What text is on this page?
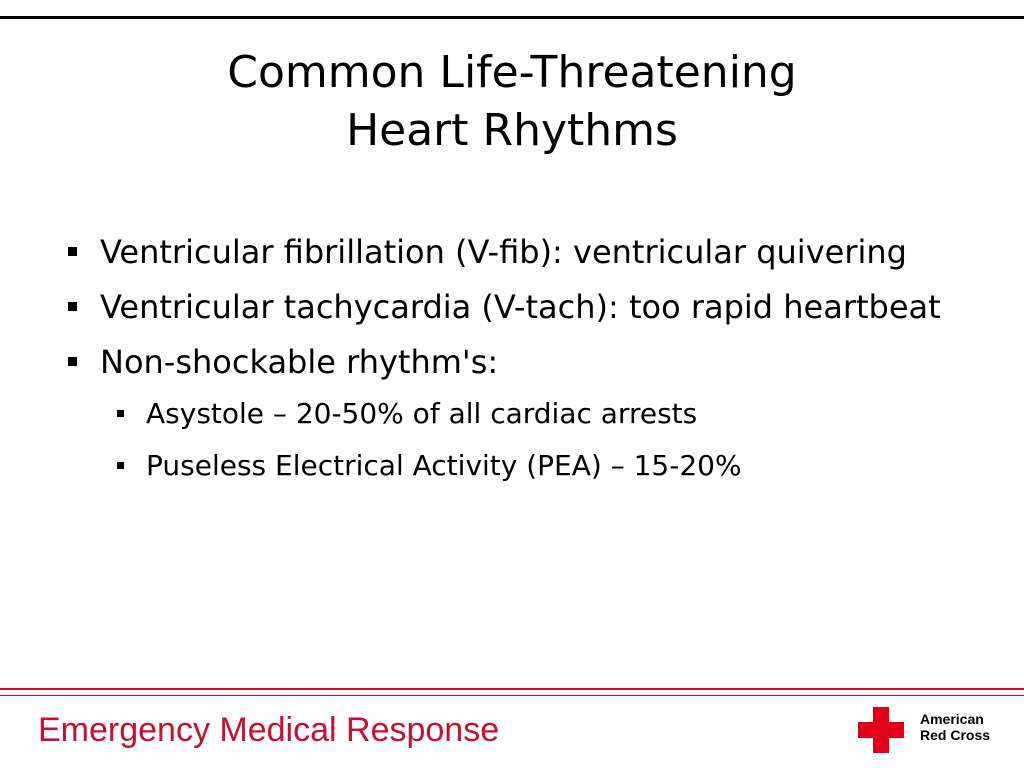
Common Life-Threatening
Heart Rhythms
Ventricular fibrillation (V-fib): ventricular quivering
Ventricular tachycardia (V-tach): too rapid heartbeat
Non-shockable rhythm's:
Asystole – 20-50% of all cardiac arrests
Puseless Electrical Activity (PEA) – 15-20%
Emergency Medical Response	American
Red Cross
